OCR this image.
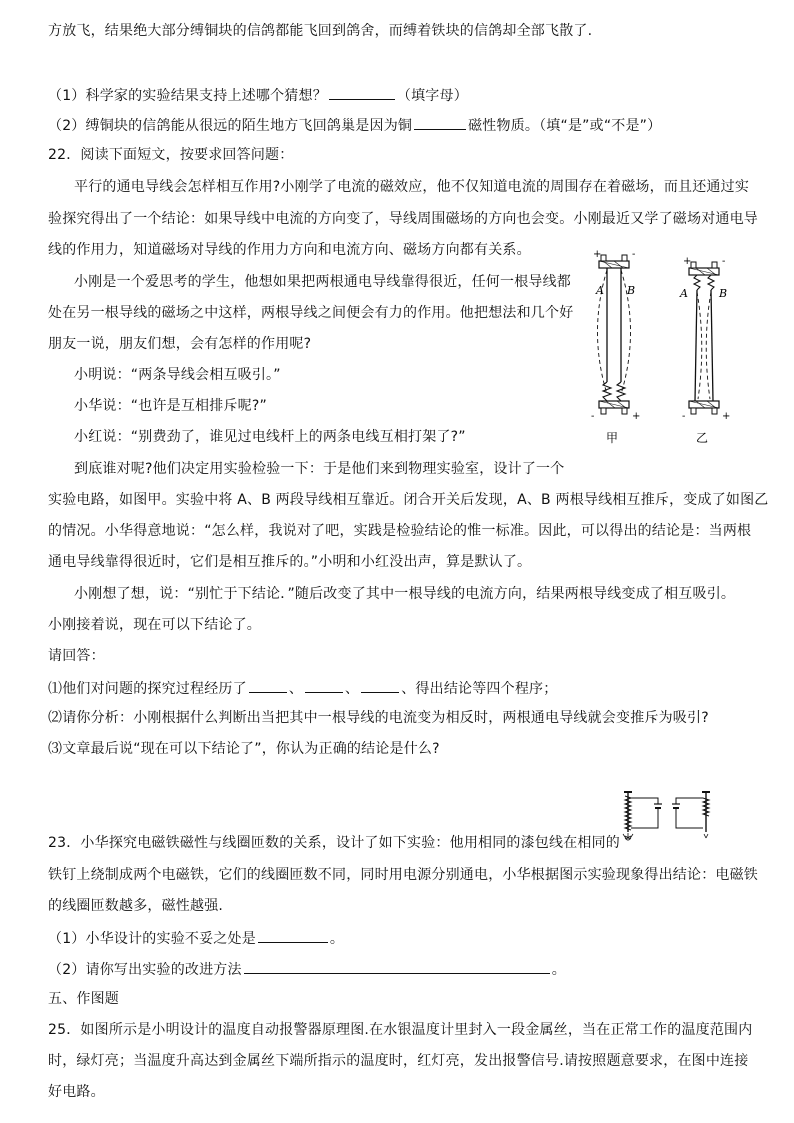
方放飞，结果绝大部分缚铜块的信鸽都能飞回到鸽舍，而缚着铁块的信鸽却全部飞散了.
（1）科学家的实验结果支持上述哪个猜想？	（填字母）
（2）缚铜块的信鸽能从很远的陌生地方飞回鸽巢是因为铜	磁性物质。（填“是”或“不是”）
22．阅读下面短文，按要求回答问题：
平行的通电导线会怎样相互作用?小刚学了电流的磁效应，他不仅知道电流的周围存在着磁场，而且还通过实
验探究得出了一个结论：如果导线中电流的方向变了，导线周围磁场的方向也会变。小刚最近又学了磁场对通电导
线的作用力，知道磁场对导线的作用力方向和电流方向、磁场方向都有关系。
小刚是一个爱思考的学生，他想如果把两根通电导线靠得很近，任何一根导线都
处在另一根导线的磁场之中这样，两根导线之间便会有力的作用。他把想法和几个好
朋友一说，朋友们想，会有怎样的作用呢?
小明说：“两条导线会相互吸引。”
小华说：“也许是互相排斥呢?”
小红说：“别费劲了，谁见过电线杆上的两条电线互相打架了?”
A B
+	-
-	+
甲
A	B
+	-
-	+
乙
到底谁对呢?他们决定用实验检验一下：于是他们来到物理实验室，设计了一个
实验电路，如图甲。实验中将 A、B 两段导线相互靠近。闭合开关后发现，A、B 两根导线相互推斥，变成了如图乙
的情况。小华得意地说：“怎么样，我说对了吧，实践是检验结论的惟一标准。因此，可以得出的结论是：当两根
通电导线靠得很近时，它们是相互推斥的。”小明和小红没出声，算是默认了。
小刚想了想，说：“别忙于下结论．”随后改变了其中一根导线的电流方向，结果两根导线变成了相互吸引。
小刚接着说，现在可以下结论了。
请回答：
⑴他们对问题的探究过程经历了	、	、	、得出结论等四个程序；
⑵请你分析：小刚根据什么判断出当把其中一根导线的电流变为相反时，两根通电导线就会变推斥为吸引?
⑶文章最后说“现在可以下结论了”，你认为正确的结论是什么?
23．小华探究电磁铁磁性与线圈匝数的关系，设计了如下实验：他用相同的漆包线在相同的
铁钉上绕制成两个电磁铁，它们的线圈匝数不同，同时用电源分别通电，小华根据图示实验现象得出结论：电磁铁
的线圈匝数越多，磁性越强.
（1）小华设计的实验不妥之处是	。
（2）请你写出实验的改进方法	。
五、作图题
25．如图所示是小明设计的温度自动报警器原理图.在水银温度计里封入一段金属丝，当在正常工作的温度范围内
时，绿灯亮；当温度升高达到金属丝下端所指示的温度时，红灯亮，发出报警信号.请按照题意要求，在图中连接
好电路。
